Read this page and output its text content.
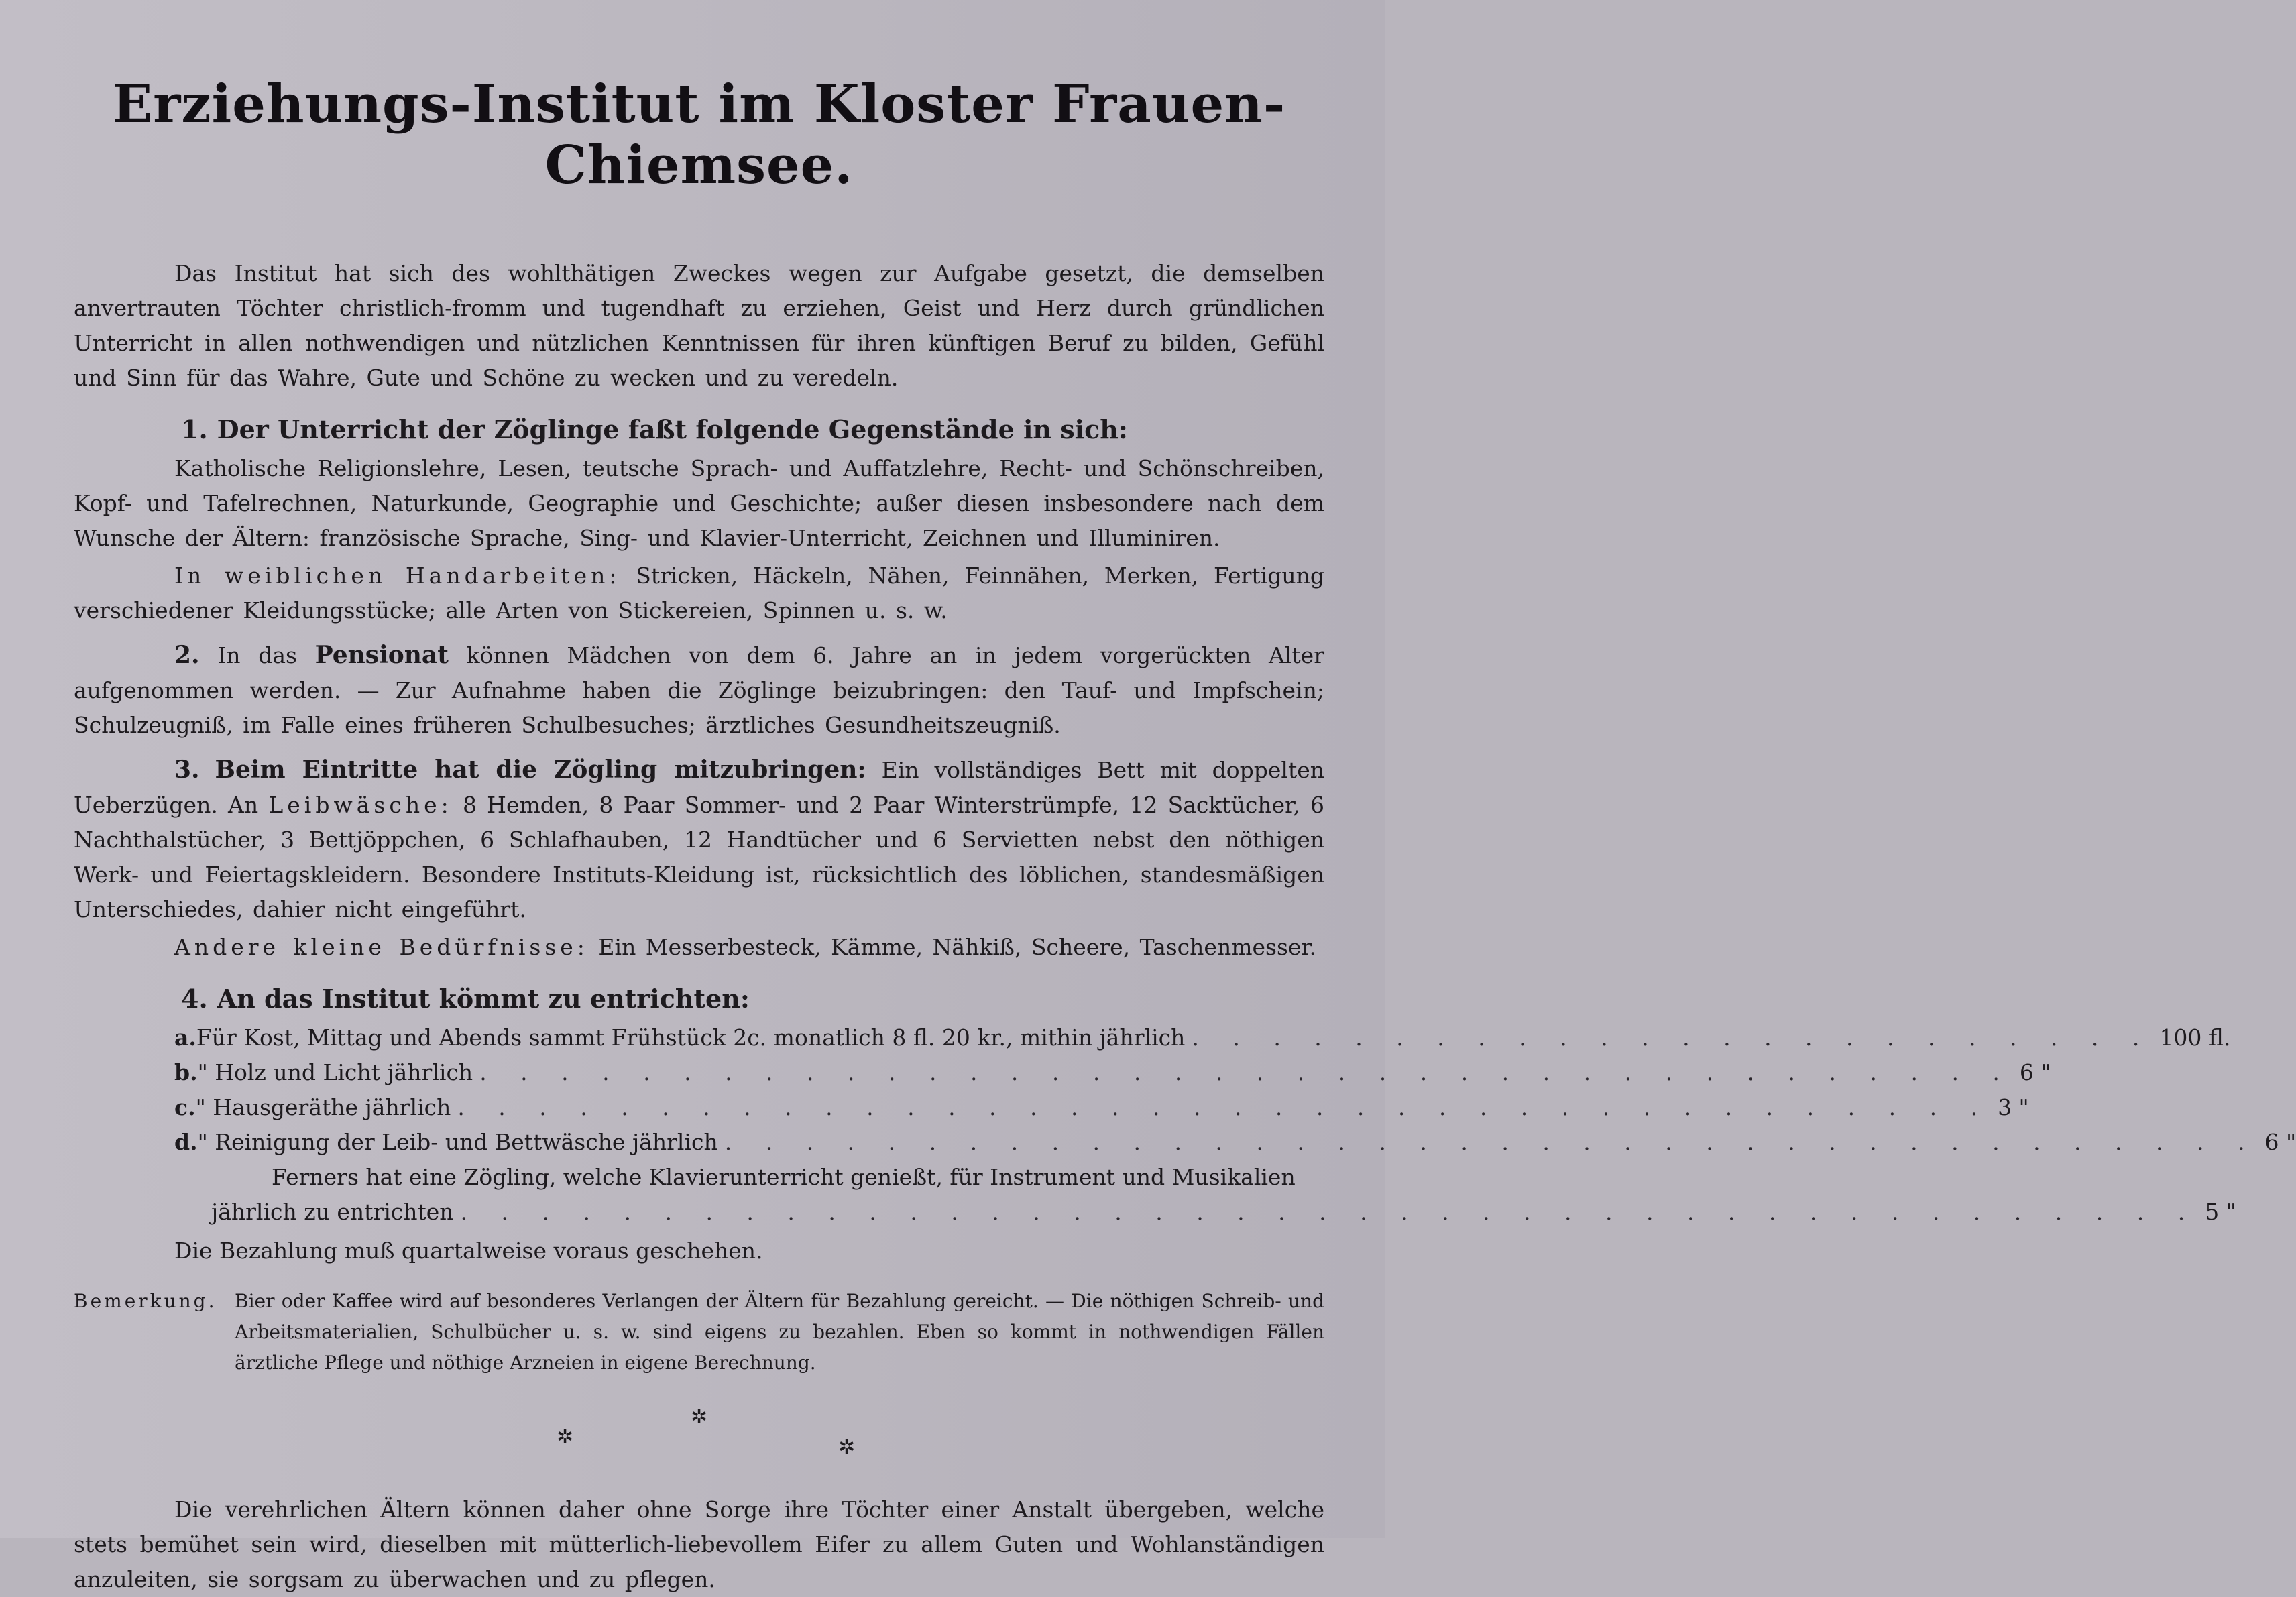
Erziehungs-Institut im Kloster Frauen-Chiemsee.

Das Institut hat sich des wohlthätigen Zweckes wegen zur Aufgabe gesetzt, die demselben anvertrauten Töchter christlich-fromm und tugendhaft zu erziehen, Geist und Herz durch gründlichen Unterricht in allen nothwendigen und nützlichen Kenntnissen für ihren künftigen Beruf zu bilden, Gefühl und Sinn für das Wahre, Gute und Schöne zu wecken und zu veredeln.

1. Der Unterricht der Zöglinge faßt folgende Gegenstände in sich:

Katholische Religionslehre, Lesen, teutsche Sprach- und Auffatzlehre, Recht- und Schönschreiben, Kopf- und Tafelrechnen, Naturkunde, Geographie und Geschichte; außer diesen insbesondere nach dem Wunsche der Ältern: französische Sprache, Sing- und Klavier-Unterricht, Zeichnen und Illuminiren.

In weiblichen Handarbeiten: Stricken, Häckeln, Nähen, Feinnähen, Merken, Fertigung verschiedener Kleidungsstücke; alle Arten von Stickereien, Spinnen u. s. w.

2. In das Pensionat können Mädchen von dem 6. Jahre an in jedem vorgerückten Alter aufgenommen werden. — Zur Aufnahme haben die Zöglinge beizubringen: den Tauf- und Impfschein; Schulzeugniß, im Falle eines früheren Schulbesuches; ärztliches Gesundheitszeugniß.

3. Beim Eintritte hat die Zögling mitzubringen: Ein vollständiges Bett mit doppelten Ueberzügen. An Leibwäsche: 8 Hemden, 8 Paar Sommer- und 2 Paar Winterstrümpfe, 12 Sacktücher, 6 Nachthalstücher, 3 Bettjöppchen, 6 Schlafhauben, 12 Handtücher und 6 Servietten nebst den nöthigen Werk- und Feiertagskleidern. Besondere Instituts-Kleidung ist, rücksichtlich des löblichen, standesmäßigen Unterschiedes, dahier nicht eingeführt.

Andere kleine Bedürfnisse: Ein Messerbesteck, Kämme, Nähkiß, Scheere, Taschenmesser.

4. An das Institut kömmt zu entrichten:
a. Für Kost, Mittag und Abends sammt Frühstück 2c. monatlich 8 fl. 20 kr., mithin jährlich . . . . . . . . . . . . . . . . . . . . . . . . 100 fl.
b. " Holz und Licht jährlich . . . . . . . . . . . . . . . . . . . . . . . . . . . . . . . . . . . . . . 6 "
c. " Hausgeräthe jährlich . . . . . . . . . . . . . . . . . . . . . . . . . . . . . . . . . . . . . . 3 "
d. " Reinigung der Leib- und Bettwäsche jährlich . . . . . . . . . . . . . . . . . . . . . . . . . . . . . . . . . . . . . . 6 "
Ferners hat eine Zögling, welche Klavierunterricht genießt, für Instrument und Musikalien
jährlich zu entrichten . . . . . . . . . . . . . . . . . . . . . . . . . . . . . . . . . . . . . . . . . . . 5 "

Die Bezahlung muß quartalweise voraus geschehen.

Bemerkung. Bier oder Kaffee wird auf besonderes Verlangen der Ältern für Bezahlung gereicht. — Die nöthigen Schreib- und Arbeitsmaterialien, Schulbücher u. s. w. sind eigens zu bezahlen. Eben so kommt in nothwendigen Fällen ärztliche Pflege und nöthige Arzneien in eigene Berechnung.
✲
✲
✲

Die verehrlichen Ältern können daher ohne Sorge ihre Töchter einer Anstalt übergeben, welche stets bemühet sein wird, dieselben mit mütterlich-liebevollem Eifer zu allem Guten und Wohlanständigen anzuleiten, sie sorgsam zu überwachen und zu pflegen.
